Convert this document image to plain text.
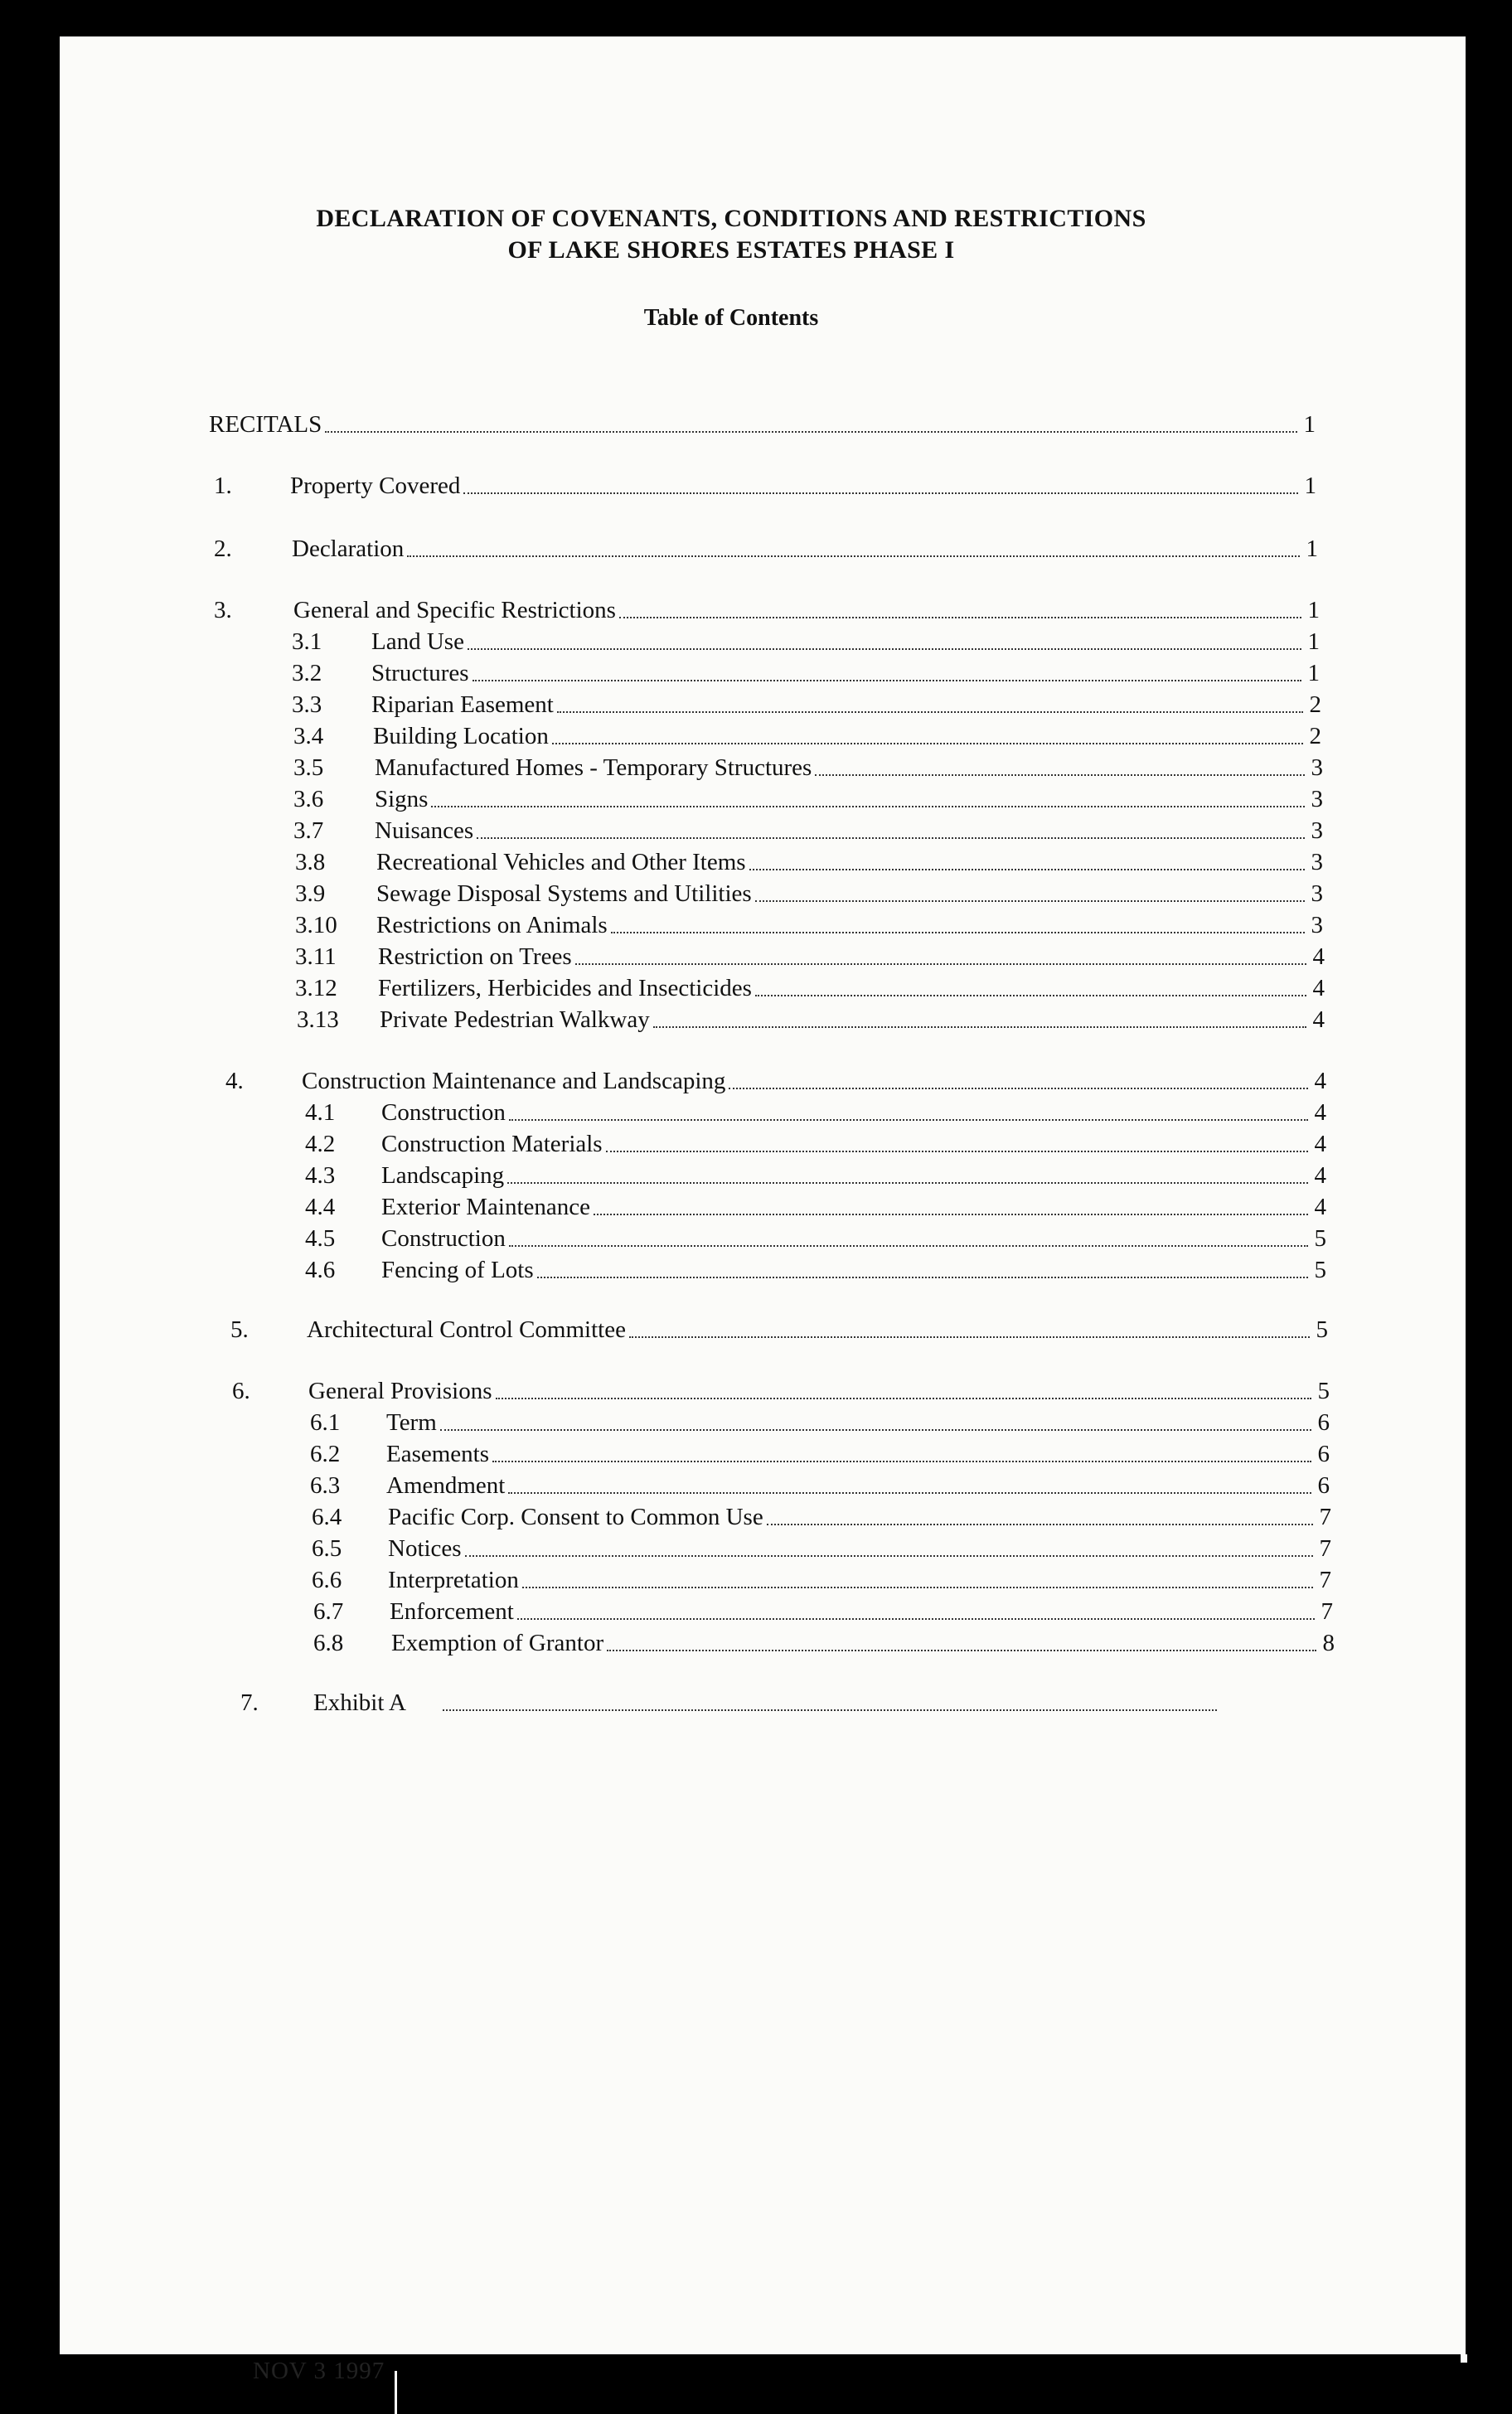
DECLARATION OF COVENANTS, CONDITIONS AND RESTRICTIONS
OF LAKE SHORES ESTATES PHASE I
Table of Contents
RECITALS	1
1.	Property Covered	1
2.	Declaration	1
3.	General and Specific Restrictions	1
3.1	Land Use	1
3.2	Structures	1
3.3	Riparian Easement	2
3.4	Building Location	2
3.5	Manufactured Homes - Temporary Structures	3
3.6	Signs	3
3.7	Nuisances	3
3.8	Recreational Vehicles and Other Items	3
3.9	Sewage Disposal Systems and Utilities	3
3.10	Restrictions on Animals	3
3.11	Restriction on Trees	4
3.12	Fertilizers, Herbicides and Insecticides	4
3.13	Private Pedestrian Walkway	4
4.	Construction Maintenance and Landscaping	4
4.1	Construction	4
4.2	Construction Materials	4
4.3	Landscaping	4
4.4	Exterior Maintenance	4
4.5	Construction	5
4.6	Fencing of Lots	5
5.	Architectural Control Committee	5
6.	General Provisions	5
6.1	Term	6
6.2	Easements	6
6.3	Amendment	6
6.4	Pacific Corp. Consent to Common Use	7
6.5	Notices	7
6.6	Interpretation	7
6.7	Enforcement	7
6.8	Exemption of Grantor	8
7.	Exhibit A
NOV 3 1997
